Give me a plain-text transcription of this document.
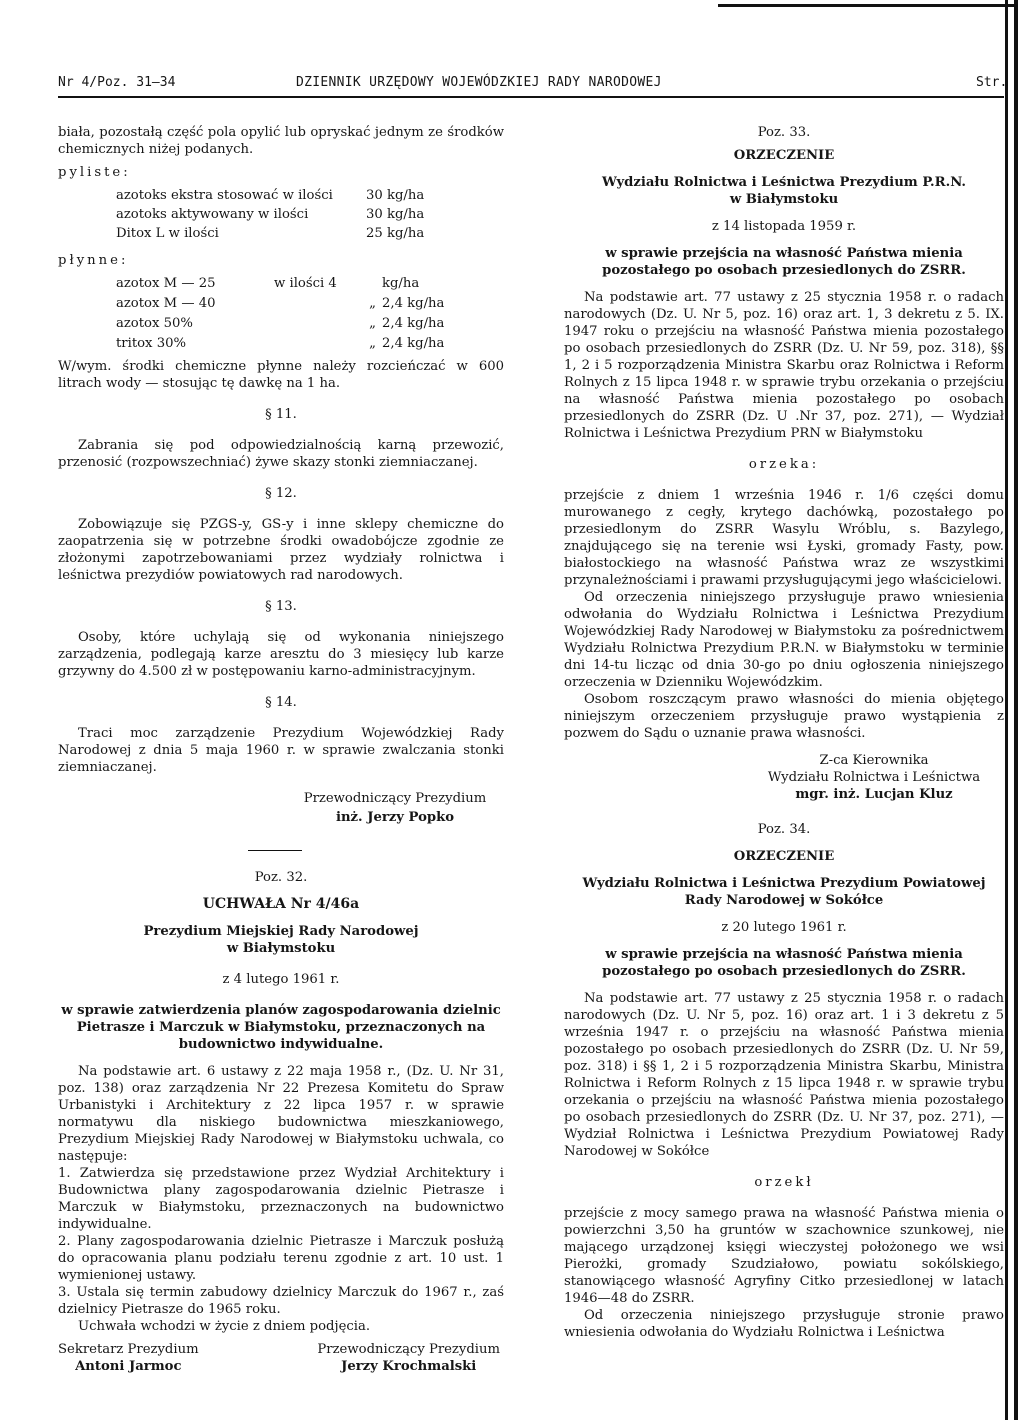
Nr 4/Poz. 31—34	DZIENNIK URZĘDOWY WOJEWÓDZKIEJ RADY NARODOWEJ	Str.

biała, pozostałą część pola opylić lub opryskać jednym ze środków chemicznych niżej podanych.

pyliste:
azotoks ekstra stosować w ilości	30 kg/ha
azotoks aktywowany w ilości	30 kg/ha
Ditox L w ilości	25 kg/ha
płynne:
azotox M — 25	w ilości 4	kg/ha
azotox M — 40	„ 2,4 kg/ha
azotox 50%	„ 2,4 kg/ha
tritox 30%	„ 2,4 kg/ha

W/wym. środki chemiczne płynne należy rozcieńczać w 600 litrach wody — stosując tę dawkę na 1 ha.

§ 11.

Zabrania się pod odpowiedzialnością karną przewozić, przenosić (rozpowszechniać) żywe skazy stonki ziemniaczanej.

§ 12.

Zobowiązuje się PZGS-y, GS-y i inne sklepy chemiczne do zaopatrzenia się w potrzebne środki owadobójcze zgodnie ze złożonymi zapotrzebowaniami przez wydziały rolnictwa i leśnictwa prezydiów powiatowych rad narodowych.

§ 13.

Osoby, które uchylają się od wykonania niniejszego zarządzenia, podlegają karze aresztu do 3 miesięcy lub karze grzywny do 4.500 zł w postępowaniu karno-administracyjnym.

§ 14.

Traci moc zarządzenie Prezydium Wojewódzkiej Rady Narodowej z dnia 5 maja 1960 r. w sprawie zwalczania stonki ziemniaczanej.

Przewodniczący Prezydium
inż. Jerzy Popko
Poz. 32.
UCHWAŁA Nr 4/46a
Prezydium Miejskiej Rady Narodowej
w Białymstoku
z 4 lutego 1961 r.

w sprawie zatwierdzenia planów zagospodarowania dzielnic Pietrasze i Marczuk w Białymstoku, przeznaczonych na budownictwo indywidualne.

Na podstawie art. 6 ustawy z 22 maja 1958 r., (Dz. U. Nr 31, poz. 138) oraz zarządzenia Nr 22 Prezesa Komitetu do Spraw Urbanistyki i Architektury z 22 lipca 1957 r. w sprawie normatywu dla niskiego budownictwa mieszkaniowego, Prezydium Miejskiej Rady Narodowej w Białymstoku uchwala, co następuje:

1. Zatwierdza się przedstawione przez Wydział Architektury i Budownictwa plany zagospodarowania dzielnic Pietrasze i Marczuk w Białymstoku, przeznaczonych na budownictwo indywidualne.

2. Plany zagospodarowania dzielnic Pietrasze i Marczuk posłużą do opracowania planu podziału terenu zgodnie z art. 10 ust. 1 wymienionej ustawy.

3. Ustala się termin zabudowy dzielnicy Marczuk do 1967 r., zaś dzielnicy Pietrasze do 1965 roku.

Uchwała wchodzi w życie z dniem podjęcia.

Sekretarz Prezydium
Antoni Jarmoc
Przewodniczący Prezydium
Jerzy Krochmalski
Poz. 33.
ORZECZENIE
Wydziału Rolnictwa i Leśnictwa Prezydium P.R.N.
w Białymstoku
z 14 listopada 1959 r.

w sprawie przejścia na własność Państwa mienia pozostałego po osobach przesiedlonych do ZSRR.

Na podstawie art. 77 ustawy z 25 stycznia 1958 r. o radach narodowych (Dz. U. Nr 5, poz. 16) oraz art. 1, 3 dekretu z 5. IX. 1947 roku o przejściu na własność Państwa mienia pozostałego po osobach przesiedlonych do ZSRR (Dz. U. Nr 59, poz. 318), §§ 1, 2 i 5 rozporządzenia Ministra Skarbu oraz Rolnictwa i Reform Rolnych z 15 lipca 1948 r. w sprawie trybu orzekania o przejściu na własność Państwa mienia pozostałego po osobach przesiedlonych do ZSRR (Dz. U .Nr 37, poz. 271), — Wydział Rolnictwa i Leśnictwa Prezydium PRN w Białymstoku

orzeka:

przejście z dniem 1 września 1946 r. 1/6 części domu murowanego z cegły, krytego dachówką, pozostałego po przesiedlonym do ZSRR Wasylu Wróblu, s. Bazylego, znajdującego się na terenie wsi Łyski, gromady Fasty, pow. białostockiego na własność Państwa wraz ze wszystkimi przynależnościami i prawami przysługującymi jego właścicielowi.

Od orzeczenia niniejszego przysługuje prawo wniesienia odwołania do Wydziału Rolnictwa i Leśnictwa Prezydium Wojewódzkiej Rady Narodowej w Białymstoku za pośrednictwem Wydziału Rolnictwa Prezydium P.R.N. w Białymstoku w terminie dni 14-tu licząc od dnia 30-go po dniu ogłoszenia niniejszego orzeczenia w Dzienniku Wojewódzkim.

Osobom roszczącym prawo własności do mienia objętego niniejszym orzeczeniem przysługuje prawo wystąpienia z pozwem do Sądu o uznanie prawa własności.

Z-ca Kierownika
Wydziału Rolnictwa i Leśnictwa
mgr. inż. Lucjan Kluz
Poz. 34.
ORZECZENIE
Wydziału Rolnictwa i Leśnictwa Prezydium Powiatowej
Rady Narodowej w Sokółce
z 20 lutego 1961 r.

w sprawie przejścia na własność Państwa mienia pozostałego po osobach przesiedlonych do ZSRR.

Na podstawie art. 77 ustawy z 25 stycznia 1958 r. o radach narodowych (Dz. U. Nr 5, poz. 16) oraz art. 1 i 3 dekretu z 5 września 1947 r. o przejściu na własność Państwa mienia pozostałego po osobach przesiedlonych do ZSRR (Dz. U. Nr 59, poz. 318) i §§ 1, 2 i 5 rozporządzenia Ministra Skarbu, Ministra Rolnictwa i Reform Rolnych z 15 lipca 1948 r. w sprawie trybu orzekania o przejściu na własność Państwa mienia pozostałego po osobach przesiedlonych do ZSRR (Dz. U. Nr 37, poz. 271), — Wydział Rolnictwa i Leśnictwa Prezydium Powiatowej Rady Narodowej w Sokółce

orzekł

przejście z mocy samego prawa na własność Państwa mienia o powierzchni 3,50 ha gruntów w szachownice szunkowej, nie mającego urządzonej księgi wieczystej położonego we wsi Pierożki, gromady Szudziałowo, powiatu sokólskiego, stanowiącego własność Agryfiny Citko przesiedlonej w latach 1946—48 do ZSRR.

Od orzeczenia niniejszego przysługuje stronie prawo wniesienia odwołania do Wydziału Rolnictwa i Leśnictwa
